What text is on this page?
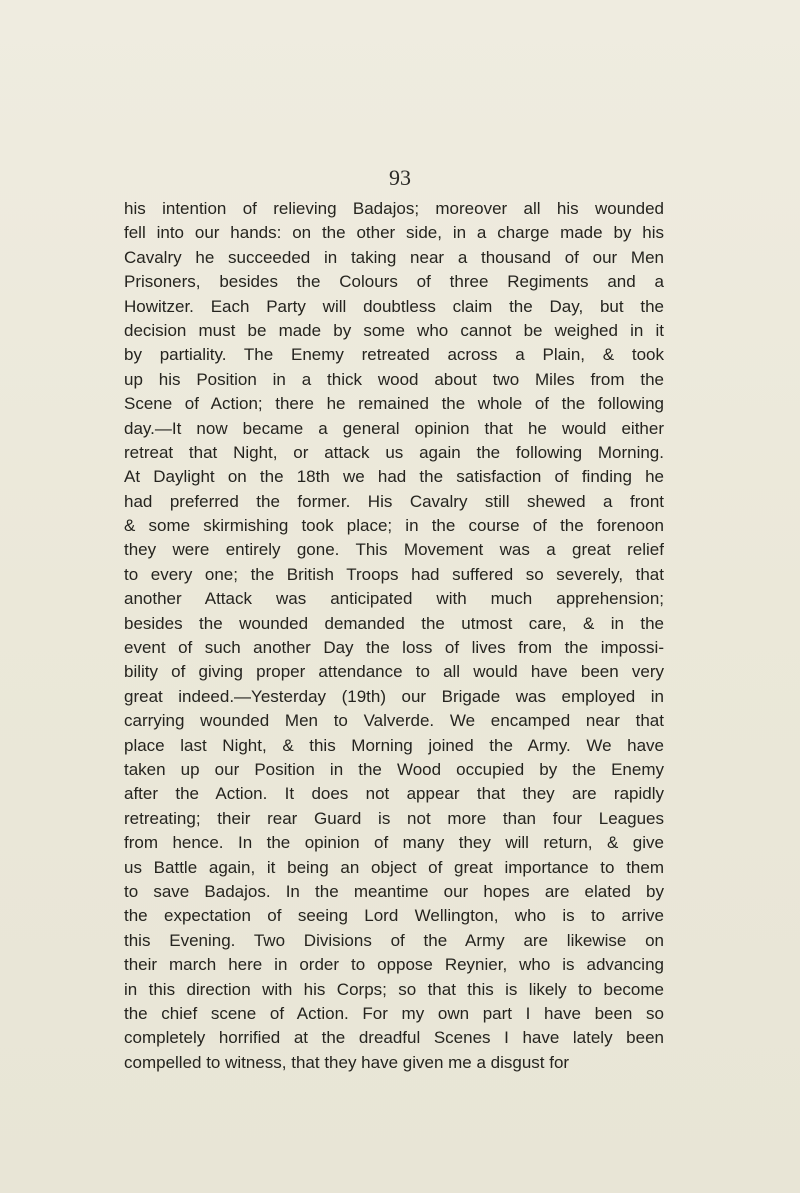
93
his intention of relieving Badajos; moreover all his wounded
fell into our hands: on the other side, in a charge made by his
Cavalry he succeeded in taking near a thousand of our Men
Prisoners, besides the Colours of three Regiments and a
Howitzer. Each Party will doubtless claim the Day, but the
decision must be made by some who cannot be weighed in it
by partiality. The Enemy retreated across a Plain, & took
up his Position in a thick wood about two Miles from the
Scene of Action; there he remained the whole of the following
day.—It now became a general opinion that he would either
retreat that Night, or attack us again the following Morning.
At Daylight on the 18th we had the satisfaction of finding he
had preferred the former. His Cavalry still shewed a front
& some skirmishing took place; in the course of the forenoon
they were entirely gone. This Movement was a great relief
to every one; the British Troops had suffered so severely, that
another Attack was anticipated with much apprehension;
besides the wounded demanded the utmost care, & in the
event of such another Day the loss of lives from the impossi-
bility of giving proper attendance to all would have been very
great indeed.—Yesterday (19th) our Brigade was employed in
carrying wounded Men to Valverde. We encamped near that
place last Night, & this Morning joined the Army. We have
taken up our Position in the Wood occupied by the Enemy
after the Action. It does not appear that they are rapidly
retreating; their rear Guard is not more than four Leagues
from hence. In the opinion of many they will return, & give
us Battle again, it being an object of great importance to them
to save Badajos. In the meantime our hopes are elated by
the expectation of seeing Lord Wellington, who is to arrive
this Evening. Two Divisions of the Army are likewise on
their march here in order to oppose Reynier, who is advancing
in this direction with his Corps; so that this is likely to become
the chief scene of Action. For my own part I have been so
completely horrified at the dreadful Scenes I have lately been
compelled to witness, that they have given me a disgust for
